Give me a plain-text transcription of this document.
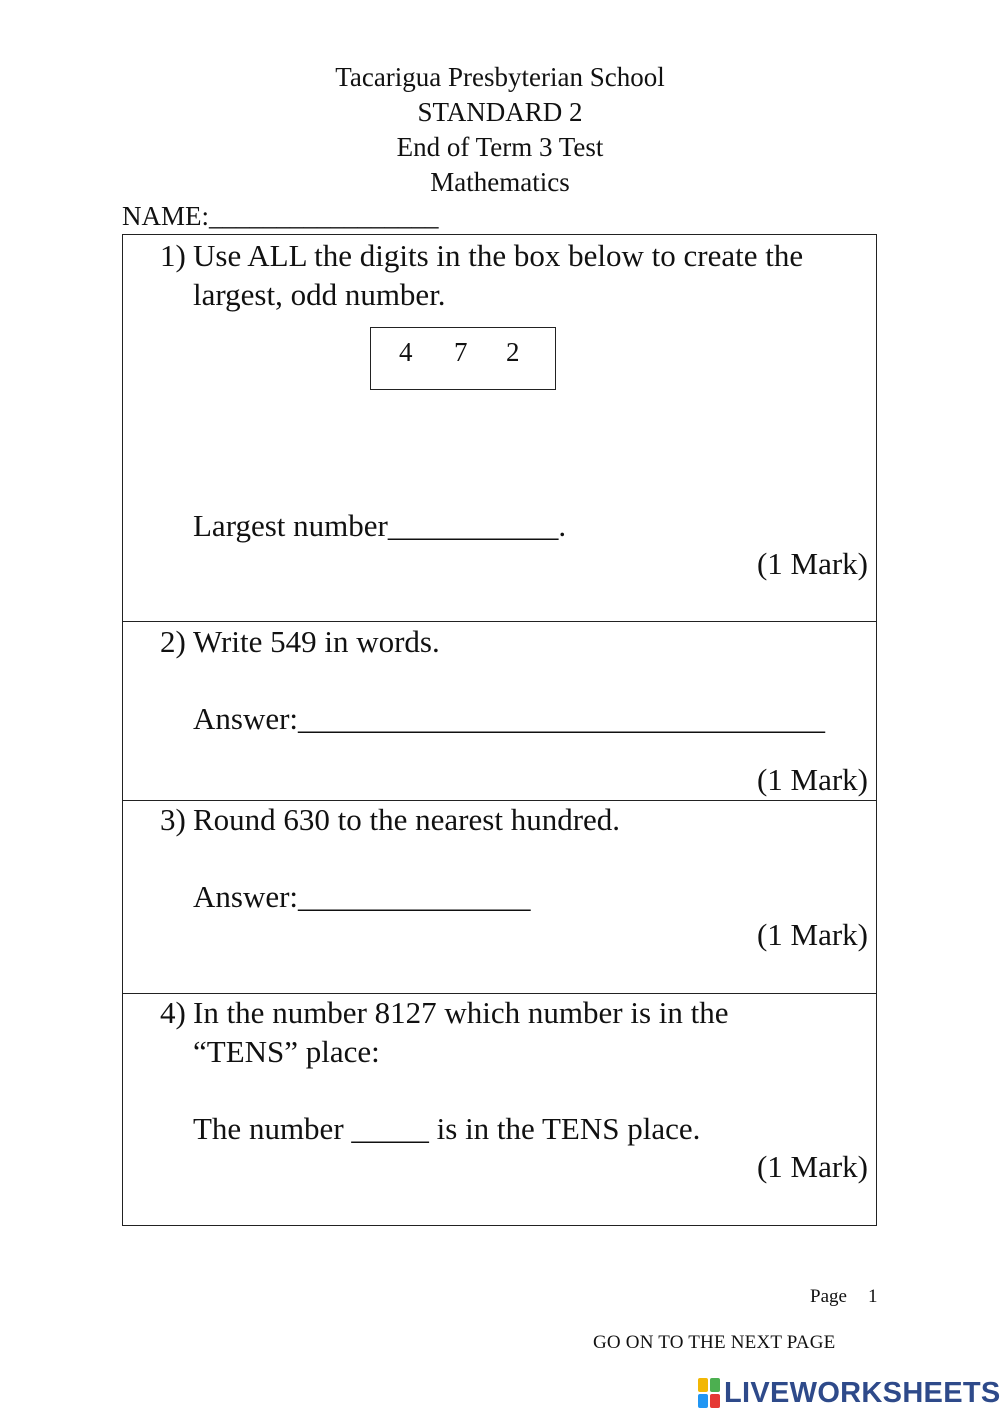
Tacarigua Presbyterian School
STANDARD 2
End of Term 3 Test
Mathematics
NAME:_________________
1) Use ALL the digits in the box below to create the
largest, odd number.
4 7 2
Largest number___________.
(1 Mark)
2) Write 549 in words.
Answer:__________________________________
(1 Mark)
3) Round 630 to the nearest hundred.
Answer:_______________
(1 Mark)
4) In the number 8127 which number is in the
“TENS” place:
The number _____ is in the TENS place.
(1 Mark)
Page 1
GO ON TO THE NEXT PAGE
LIVEWORKSHEETS
